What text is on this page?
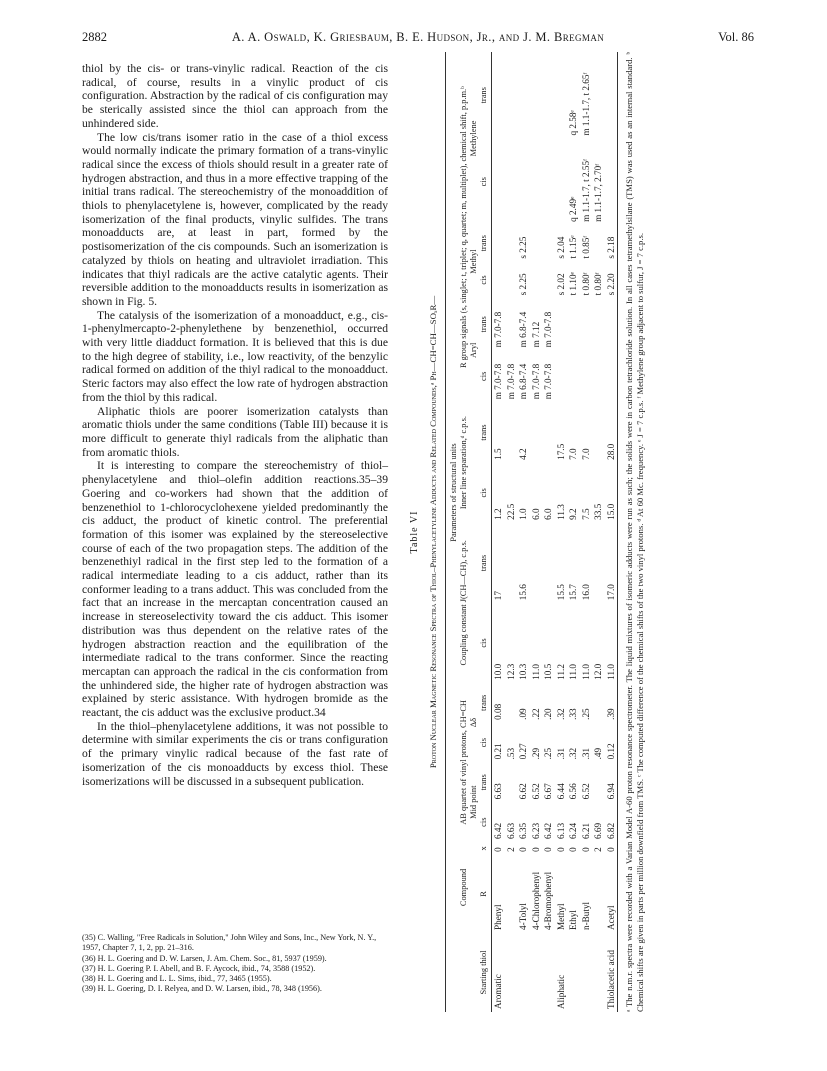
2882	A. A. Oswald, K. Griesbaum, B. E. Hudson, Jr., and J. M. Bregman	Vol. 86

thiol by the cis- or trans-vinylic radical. Reaction of the cis radical, of course, results in a vinylic product of cis configuration. Abstraction by the radical of cis configuration may be sterically assisted since the thiol can approach from the unhindered side.

The low cis/trans isomer ratio in the case of a thiol excess would normally indicate the primary formation of a trans-vinylic radical since the excess of thiols should result in a greater rate of hydrogen abstraction, and thus in a more effective trapping of the initial trans radical. The stereochemistry of the monoaddition of thiols to phenylacetylene is, however, complicated by the ready isomerization of the final products, vinylic sulfides. The trans monoadducts are, at least in part, formed by the postisomerization of the cis compounds. Such an isomerization is catalyzed by thiols on heating and ultraviolet irradiation. This indicates that thiyl radicals are the active catalytic agents. Their reversible addition to the monoadducts results in isomerization as shown in Fig. 5.

The catalysis of the isomerization of a monoadduct, e.g., cis-1-phenylmercapto-2-phenylethene by benzenethiol, occurred with very little diadduct formation. It is believed that this is due to the high degree of stability, i.e., low reactivity, of the benzylic radical formed on addition of the thiyl radical to the monoadduct. Steric factors may also effect the low rate of hydrogen abstraction from the thiol by this radical.

Aliphatic thiols are poorer isomerization catalysts than aromatic thiols under the same conditions (Table III) because it is more difficult to generate thiyl radicals from the aliphatic than from aromatic thiols.

It is interesting to compare the stereochemistry of thiol–phenylacetylene and thiol–olefin addition reactions.35–39 Goering and co-workers had shown that the addition of benzenethiol to 1-chlorocyclohexene yielded predominantly the cis adduct, the product of kinetic control. The preferential formation of this isomer was explained by the stereoselective course of each of the two propagation steps. The addition of the benzenethiyl radical in the first step led to the formation of a radical intermediate leading to a cis adduct, rather than its conformer leading to a trans adduct. This was concluded from the fact that an increase in the mercaptan concentration caused an increase in stereoselectivity toward the cis adduct. This isomer distribution was thus dependent on the relative rates of the hydrogen abstraction reaction and the equilibration of the intermediate radical to the trans conformer. Since the reacting mercaptan can approach the radical in the cis conformation from the unhindered side, the higher rate of hydrogen abstraction was explained by steric assistance. With hydrogen bromide as the reactant, the cis adduct was the exclusive product.34

In the thiol–phenylacetylene additions, it was not possible to determine with similar experiments the cis or trans configuration of the primary vinylic radical because of the fast rate of isomerization of the cis monoadducts by excess thiol. These isomerizations will be discussed in a subsequent publication.

(35) C. Walling, "Free Radicals in Solution," John Wiley and Sons, Inc., New York, N. Y., 1957, Chapter 7, 1, 2, pp. 21–316.
(36) H. L. Goering and D. W. Larsen, J. Am. Chem. Soc., 81, 5937 (1959).
(37) H. L. Goering P. I. Abell, and B. F. Aycock, ibid., 74, 3588 (1952).
(38) H. L. Goering and L. L. Sims, ibid., 77, 3465 (1955).
(39) H. L. Goering, D. I. Relyea, and D. W. Larsen, ibid., 78, 348 (1956).
Table VI Proton Nuclear Magnetic Resonance Spectra of Thiol–Phenylacetylene Adducts and Related Compounds,ᵃ Ph—CH=CH—SOₓR—
	Parameters of structural units															
	Compound		AB quartet of vinyl protons, CH=CH				Coupling constant J(CH—CH), c.p.s.		Inner line separation,ᵈ c.p.s.		R group signals (s, singlet; t, triplet; q, quartet; m, multiplet), chemical shift, p.p.m.ᵇ					
			Mid point		Δδ						Aryl		Methyl		Methylene	
Starting thiol	R	x	cis	trans	cis	trans	cis	trans	cis	trans	cis	trans	cis	trans	cis	trans
Aromatic	Phenyl	0	6.42	6.63	0.21	0.08	10.0	17	1.2	1.5	m 7.0-7.8	m 7.0-7.8				
		2	6.63		.53		12.3		22.5		m 7.0-7.8					
	4-Tolyl	0	6.35	6.62	0.27	.09	10.3	15.6	1.0	4.2	m 6.8-7.4	m 6.8-7.4	s 2.25	s 2.25		
	4-Chlorophenyl	0	6.23	6.52	.29	.22	11.0		6.0		m 7.0-7.8	m 7.12				
	4-Bromophenyl	0	6.42	6.67	.25	.20	10.5		6.0		m 7.0-7.8	m 7.0-7.8				
Aliphatic	Methyl	0	6.13	6.44	.31	.32	11.2	15.5	11.3	17.5			s 2.02	s 2.04		
	Ethyl	0	6.24	6.56	.32	.33	11.0	15.7	9.2	7.0			t 1.10ᵉ	t 1.15ᵉ	q 2.49ᵉ	q 2.58ᵉ
	n-Butyl	0	6.21	6.52	.31	.25	11.0	16.0	7.5	7.0			t 0.80ᶠ	t 0.85ᶠ	m 1.1-1.7, t 2.55ᶠ	m 1.1-1.7, t 2.65ᶠ
		2	6.69		.49		12.0		33.5				t 0.80ᶠ		m 1.1-1.7, 2.70ᶠ	
Thiolacetic acid	Acetyl	0	6.82	6.94	0.12	.39	11.0	17.0	15.0	28.0			s 2.20	s 2.18		ᵃ The n.m.r. spectra were recorded with a Varian Model A-60 proton resonance spectrometer. The liquid mixtures of isomeric adducts were run as such; the solids were in carbon tetrachloride solution. In all cases tetramethylsilane (TMS) was used as an internal standard. ᵇ Chemical shifts are given in parts per million downfield from TMS. ᶜ The computed difference of the chemical shifts of the two vinyl protons. ᵈ At 60 Mc. frequency. ᵉ J = 7 c.p.s. ᶠ Methylene group adjacent to sulfur, J = 7 c.p.s.
